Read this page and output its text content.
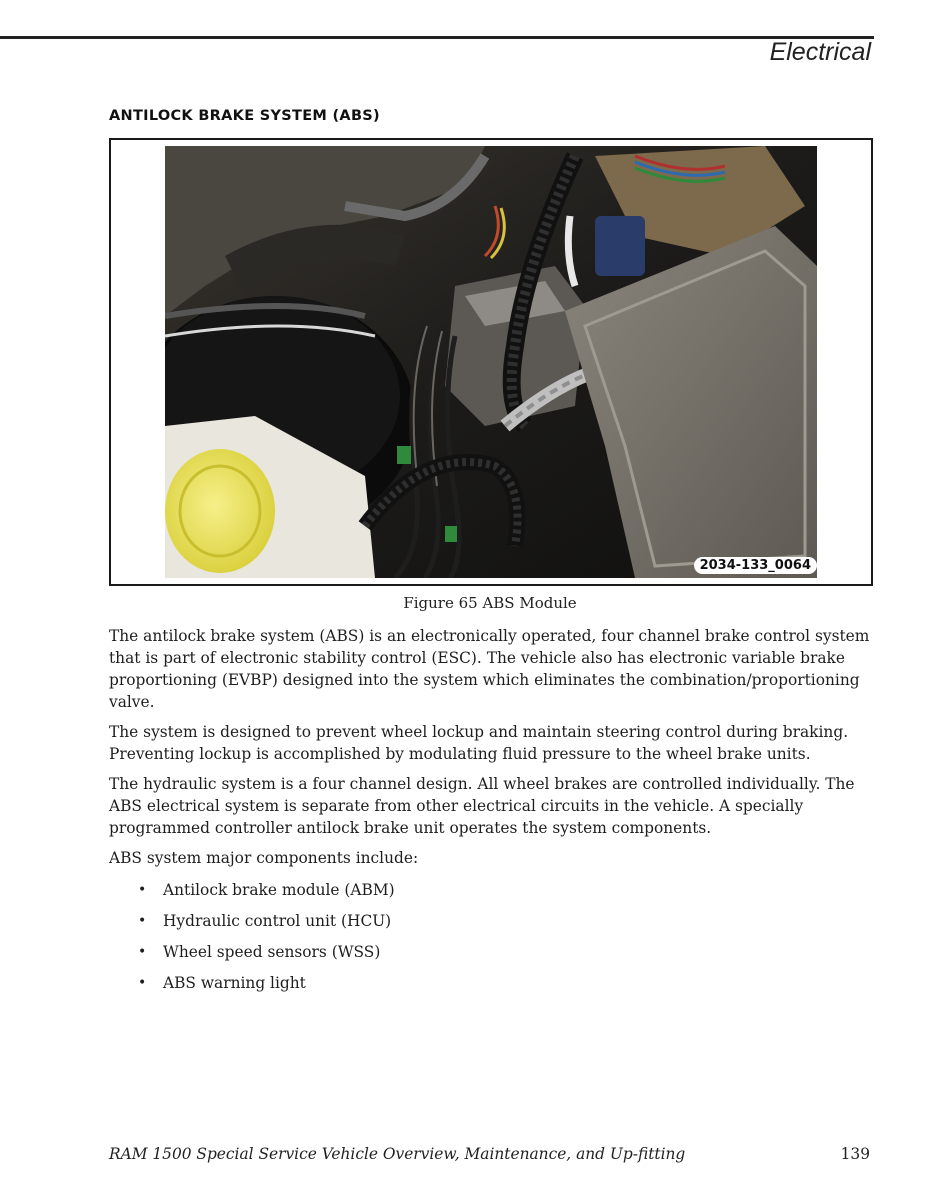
Electrical
ANTILOCK BRAKE SYSTEM (ABS)
2034-133_0064
Figure 65 ABS Module

The antilock brake system (ABS) is an electronically operated, four channel brake control system that is part of electronic stability control (ESC). The vehicle also has electronic variable brake proportioning (EVBP) designed into the system which eliminates the combination/proportioning valve.

The system is designed to prevent wheel lockup and maintain steering control during braking. Preventing lockup is accomplished by modulating fluid pressure to the wheel brake units.

The hydraulic system is a four channel design. All wheel brakes are controlled individually. The ABS electrical system is separate from other electrical circuits in the vehicle. A specially programmed controller antilock brake unit operates the system components.

ABS system major components include:

• Antilock brake module (ABM)
• Hydraulic control unit (HCU)
• Wheel speed sensors (WSS)
• ABS warning light
RAM 1500 Special Service Vehicle Overview, Maintenance, and Up-fitting	139
